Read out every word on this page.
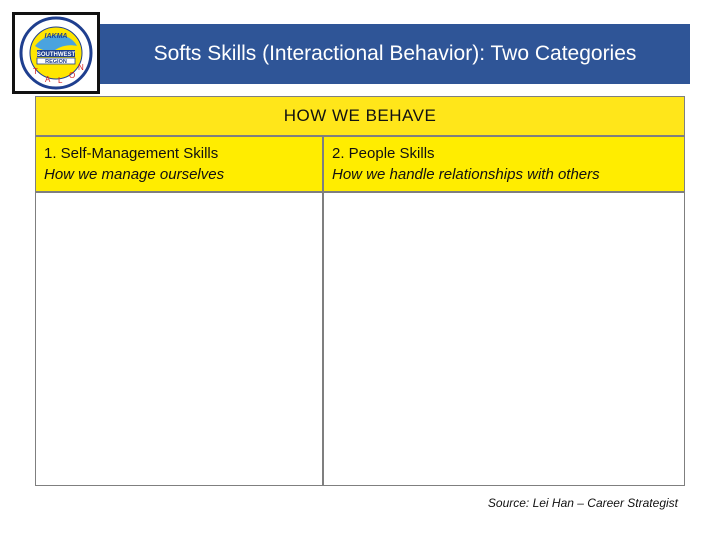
IAKMA
SOUTHWEST
REGION
T
A L
O
N
Softs Skills (Interactional Behavior): Two Categories
HOW WE BEHAVE
1. Self-Management Skills
How we manage ourselves
2. People Skills
How we handle relationships with others
Source: Lei Han – Career Strategist
